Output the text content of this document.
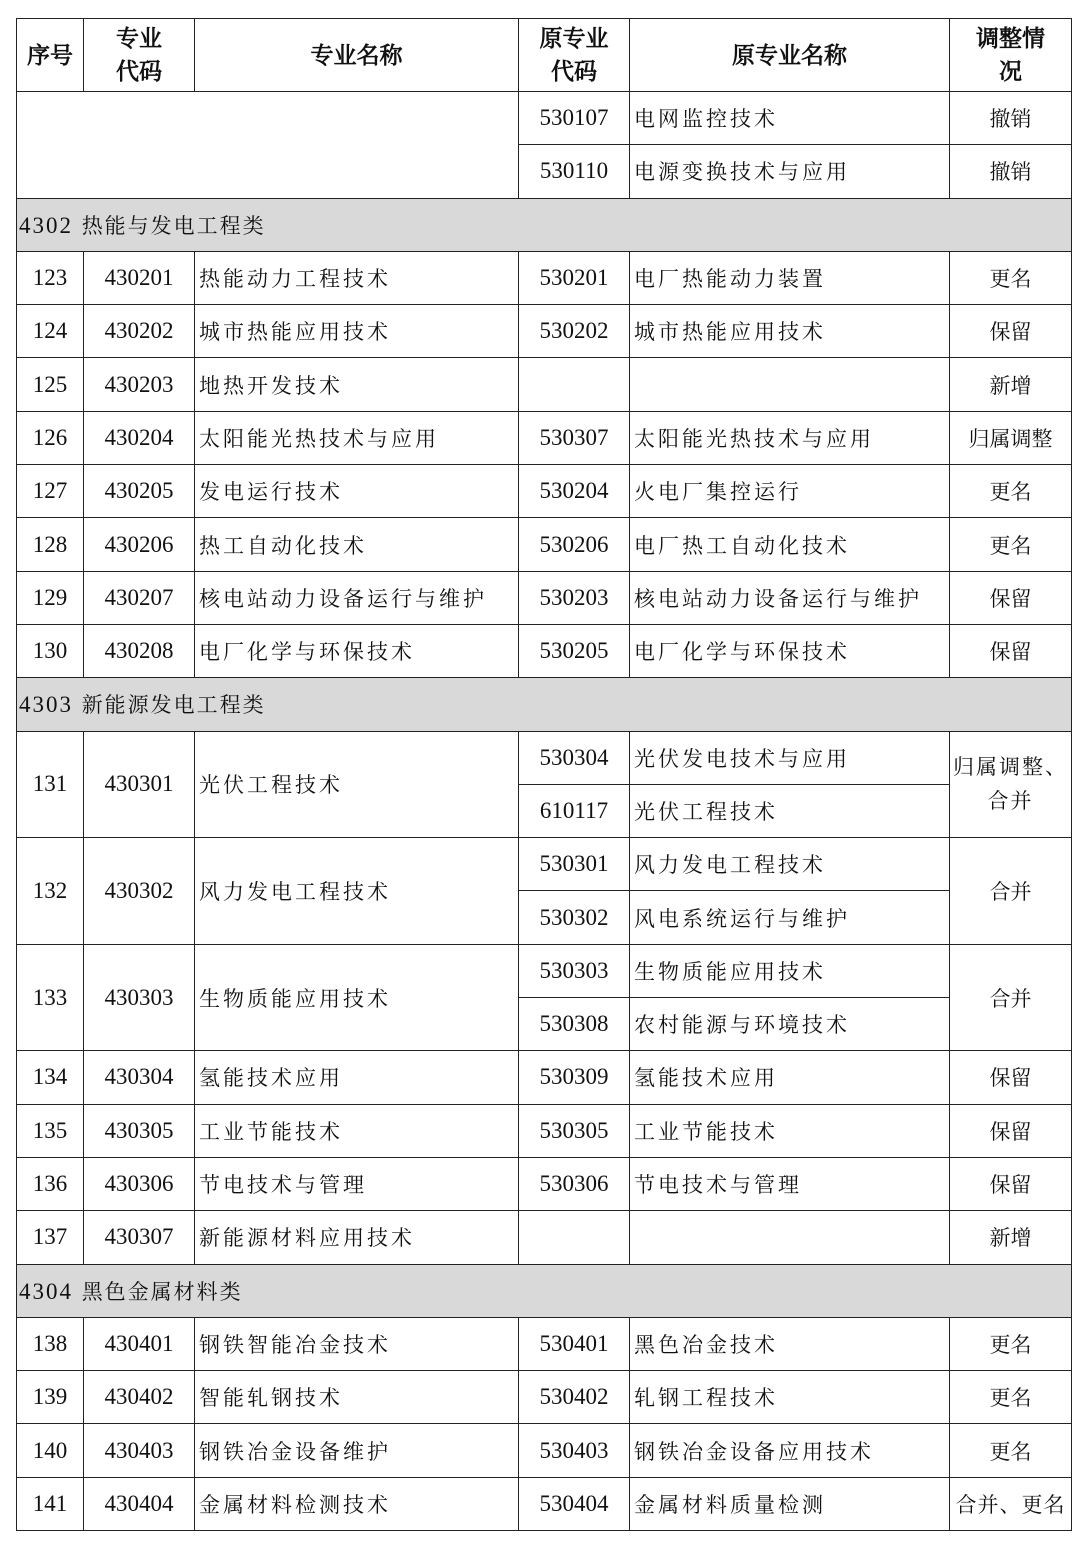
序号	专业代码	专业名称	原专业代码	原专业名称	调整情况
			530107	电网监控技术	撤销
			530110	电源变换技术与应用	撤销
4302 热能与发电工程类					
123	430201	热能动力工程技术	530201	电厂热能动力装置	更名
124	430202	城市热能应用技术	530202	城市热能应用技术	保留
125	430203	地热开发技术			新增
126	430204	太阳能光热技术与应用	530307	太阳能光热技术与应用	归属调整
127	430205	发电运行技术	530204	火电厂集控运行	更名
128	430206	热工自动化技术	530206	电厂热工自动化技术	更名
129	430207	核电站动力设备运行与维护	530203	核电站动力设备运行与维护	保留
130	430208	电厂化学与环保技术	530205	电厂化学与环保技术	保留
4303 新能源发电工程类					
131	430301	光伏工程技术	530304	光伏发电技术与应用	归属调整、合并
			610117	光伏工程技术	
132	430302	风力发电工程技术	530301	风力发电工程技术	合并
			530302	风电系统运行与维护	
133	430303	生物质能应用技术	530303	生物质能应用技术	合并
			530308	农村能源与环境技术	
134	430304	氢能技术应用	530309	氢能技术应用	保留
135	430305	工业节能技术	530305	工业节能技术	保留
136	430306	节电技术与管理	530306	节电技术与管理	保留
137	430307	新能源材料应用技术			新增
4304 黑色金属材料类					
138	430401	钢铁智能冶金技术	530401	黑色冶金技术	更名
139	430402	智能轧钢技术	530402	轧钢工程技术	更名
140	430403	钢铁冶金设备维护	530403	钢铁冶金设备应用技术	更名
141	430404	金属材料检测技术	530404	金属材料质量检测	合并、更名
